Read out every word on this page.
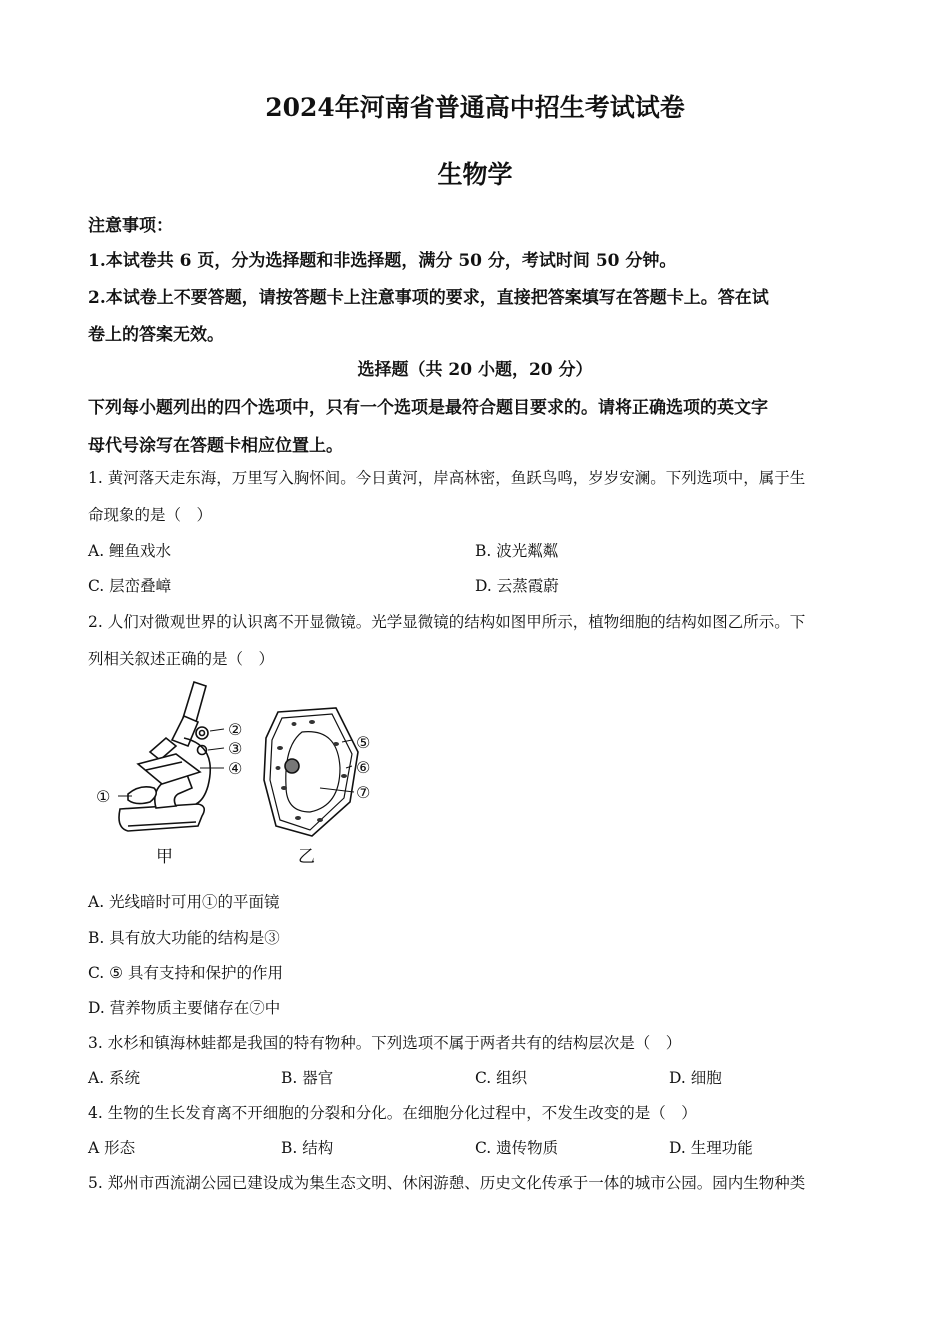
2024年河南省普通高中招生考试试卷
生物学
注意事项：
1.本试卷共 6 页，分为选择题和非选择题，满分 50 分，考试时间 50 分钟。
2.本试卷上不要答题，请按答题卡上注意事项的要求，直接把答案填写在答题卡上。答在试
卷上的答案无效。
选择题（共 20 小题，20 分）
下列每小题列出的四个选项中，只有一个选项是最符合题目要求的。请将正确选项的英文字
母代号涂写在答题卡相应位置上。
1. 黄河落天走东海，万里写入胸怀间。今日黄河，岸高林密，鱼跃鸟鸣，岁岁安澜。下列选项中，属于生
命现象的是（　）
A. 鲤鱼戏水	B. 波光粼粼
C. 层峦叠嶂	D. 云蒸霞蔚
2. 人们对微观世界的认识离不开显微镜。光学显微镜的结构如图甲所示，植物细胞的结构如图乙所示。下
列相关叙述正确的是（　）
②
③
④
①
⑤
⑥
⑦
甲	乙
A. 光线暗时可用①的平面镜
B. 具有放大功能的结构是③
C. ⑤ 具有支持和保护的作用
D. 营养物质主要储存在⑦中
3. 水杉和镇海林蛙都是我国的特有物种。下列选项不属于两者共有的结构层次是（　）
A. 系统	B. 器官	C. 组织	D. 细胞
4. 生物的生长发育离不开细胞的分裂和分化。在细胞分化过程中，不发生改变的是（　）
A 形态	B. 结构	C. 遗传物质	D. 生理功能
5. 郑州市西流湖公园已建设成为集生态文明、休闲游憩、历史文化传承于一体的城市公园。园内生物种类
